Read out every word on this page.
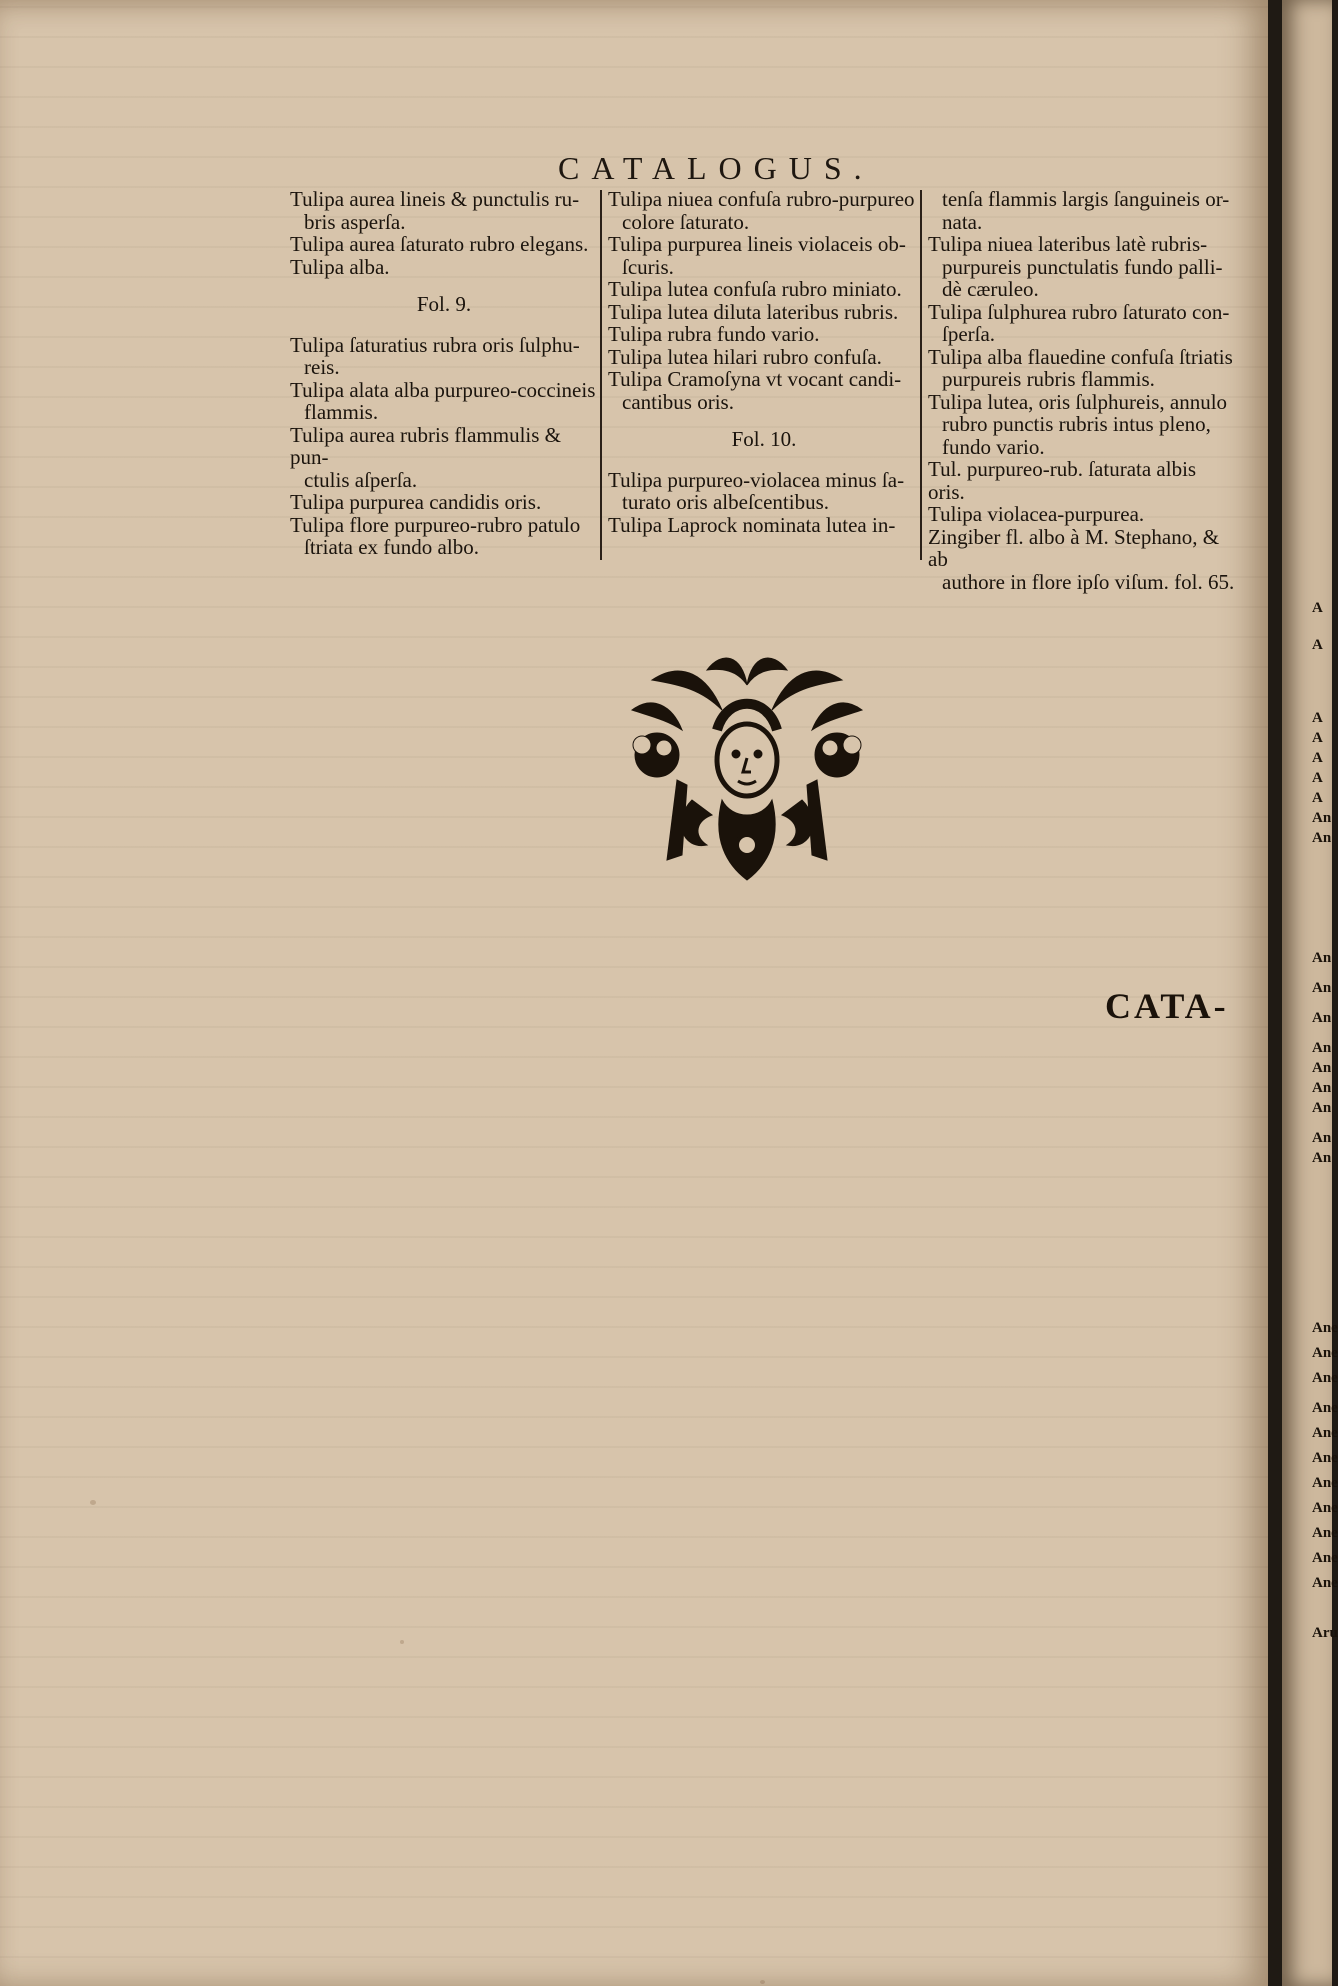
A
A
A
A
A
A
A
An
An
An
An
An
An
An
An
An
An
An
Ane
Ane
Ane
Ane
Ane
Ane
Ane
Ane
Ane
Ane
Ane
Aru
CATALOGUS.
Tulipa aurea lineis & punctulis ru-
bris asperſa.
Tulipa aurea ſaturato rubro elegans.
Tulipa alba.
Fol. 9.
Tulipa ſaturatius rubra oris ſulphu-
reis.
Tulipa alata alba purpureo-coccineis
flammis.
Tulipa aurea rubris flammulis & pun-
ctulis aſperſa.
Tulipa purpurea candidis oris.
Tulipa flore purpureo-rubro patulo
ſtriata ex fundo albo.
Tulipa niuea confuſa rubro-purpureo
colore ſaturato.
Tulipa purpurea lineis violaceis ob-
ſcuris.
Tulipa lutea confuſa rubro miniato.
Tulipa lutea diluta lateribus rubris.
Tulipa rubra fundo vario.
Tulipa lutea hilari rubro confuſa.
Tulipa Cramoſyna vt vocant candi-
cantibus oris.
Fol. 10.
Tulipa purpureo-violacea minus ſa-
turato oris albeſcentibus.
Tulipa Laprock nominata lutea in-
tenſa flammis largis ſanguineis or-
nata.
Tulipa niuea lateribus latè rubris-
purpureis punctulatis fundo palli-
dè cæruleo.
Tulipa ſulphurea rubro ſaturato con-
ſperſa.
Tulipa alba flauedine confuſa ſtriatis
purpureis rubris flammis.
Tulipa lutea, oris ſulphureis, annulo
rubro punctis rubris intus pleno,
fundo vario.
Tul. purpureo-rub. ſaturata albis oris.
Tulipa violacea-purpurea.
Zingiber fl. albo à M. Stephano, & ab
authore in flore ipſo viſum. fol. 65.
CATA-
